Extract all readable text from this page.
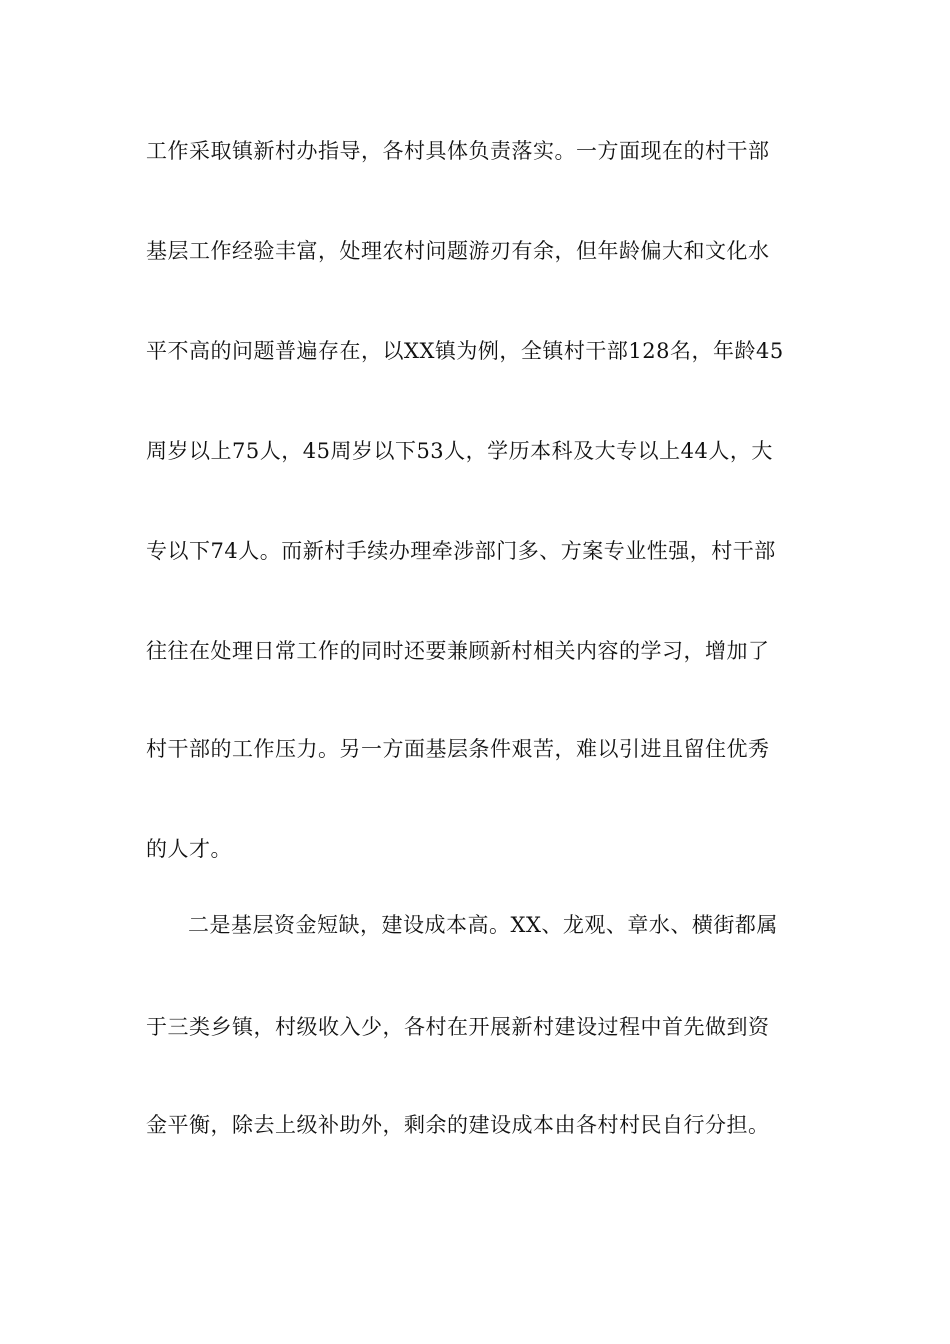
工作采取镇新村办指导，各村具体负责落实。一方面现在的村干部
基层工作经验丰富，处理农村问题游刃有余，但年龄偏大和文化水
平不高的问题普遍存在，以XX镇为例，全镇村干部128名，年龄45
周岁以上75人，45周岁以下53人，学历本科及大专以上44人，大
专以下74人。而新村手续办理牵涉部门多、方案专业性强，村干部
往往在处理日常工作的同时还要兼顾新村相关内容的学习，增加了
村干部的工作压力。另一方面基层条件艰苦，难以引进且留住优秀
的人才。
二是基层资金短缺，建设成本高。XX、龙观、章水、横街都属
于三类乡镇，村级收入少，各村在开展新村建设过程中首先做到资
金平衡，除去上级补助外，剩余的建设成本由各村村民自行分担。
